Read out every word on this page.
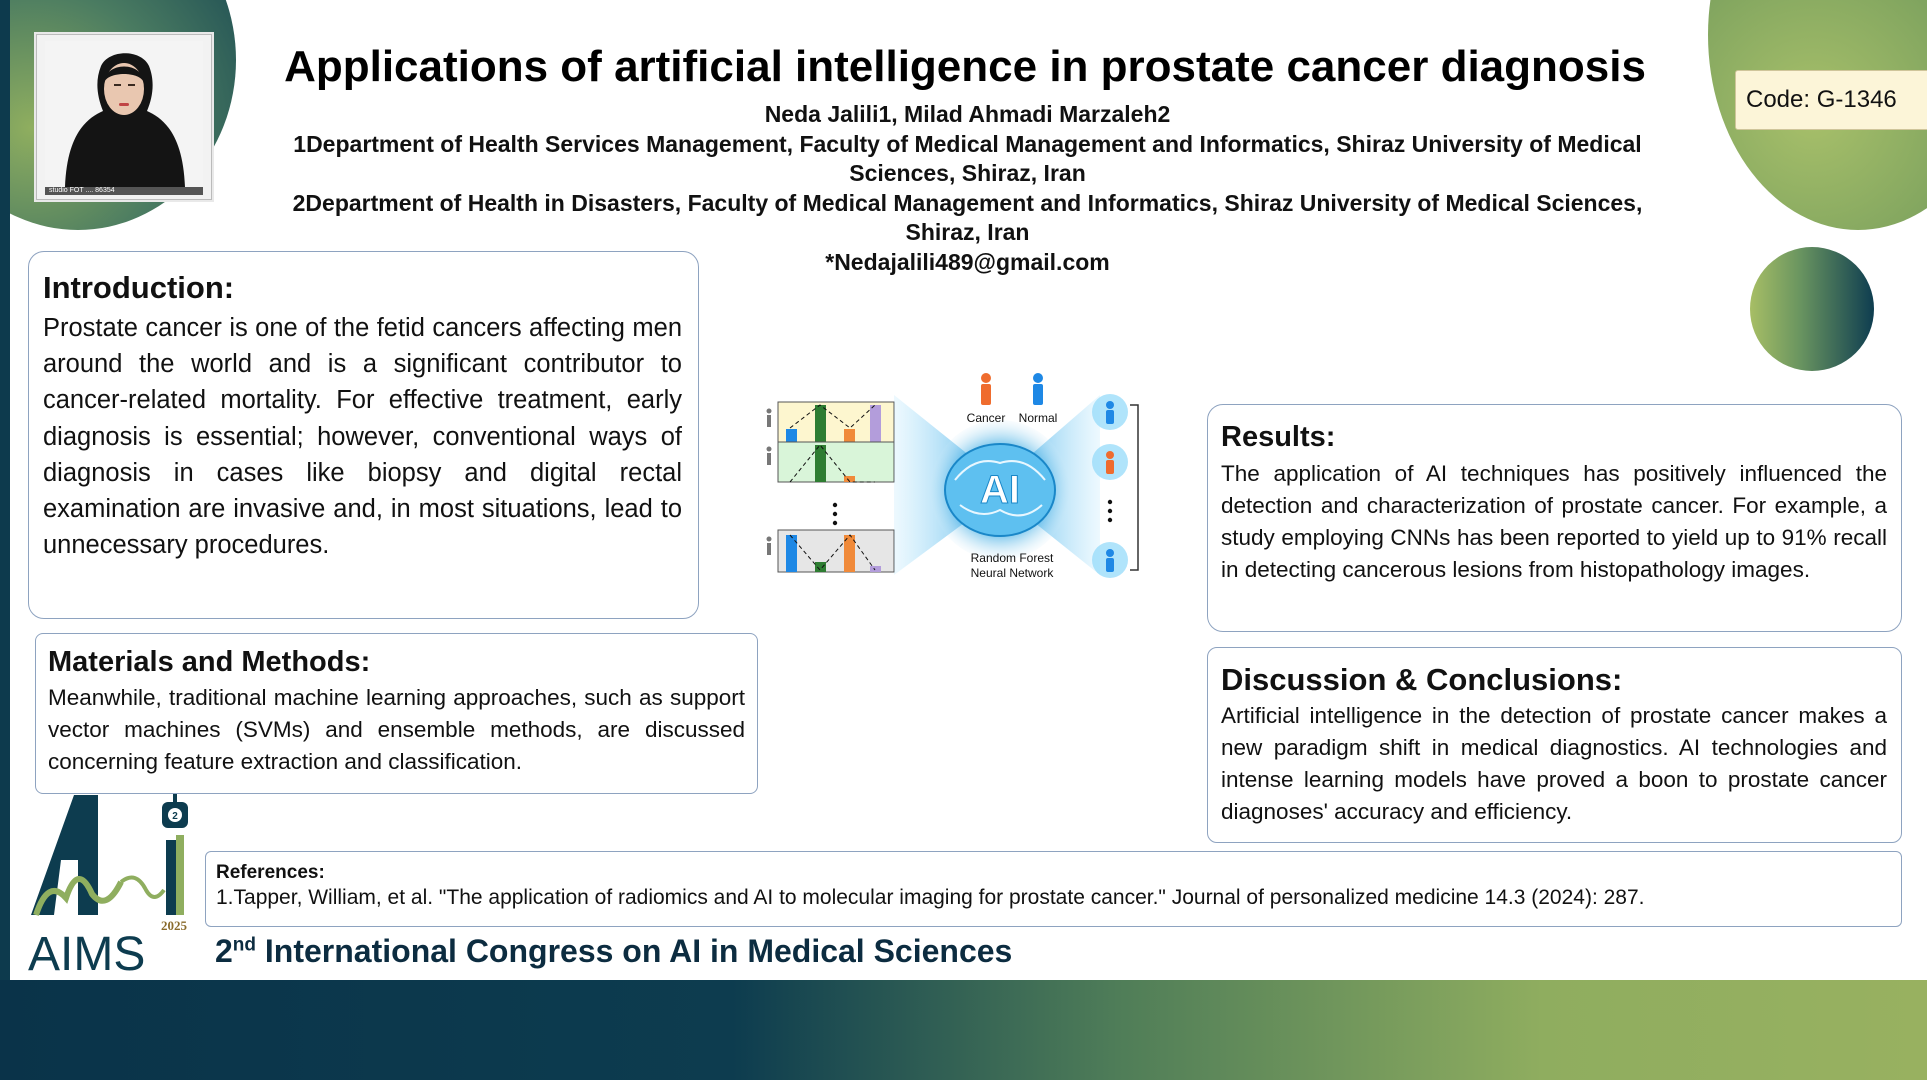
studio FOT .... 86354
Applications of artificial intelligence in prostate cancer diagnosis
Neda Jalili1, Milad Ahmadi Marzaleh2
1Department of Health Services Management, Faculty of Medical Management and Informatics, Shiraz University of Medical Sciences, Shiraz, Iran
2Department of Health in Disasters, Faculty of Medical Management and Informatics, Shiraz University of Medical Sciences, Shiraz, Iran
*Nedajalili489@gmail.com
Code: G-1346
Introduction:

Prostate cancer is one of the fetid cancers affecting men around the world and is a significant contributor to cancer-related mortality. For effective treatment, early diagnosis is essential; however, conventional ways of diagnosis in cases like biopsy and digital rectal examination are invasive and, in most situations, lead to unnecessary procedures.

Materials and Methods:

Meanwhile, traditional machine learning approaches, such as support vector machines (SVMs) and ensemble methods, are discussed concerning feature extraction and classification.

AI
Cancer Normal
Random Forest
Neural Network
Results:

The application of AI techniques has positively influenced the detection and characterization of prostate cancer. For example, a study employing CNNs has been reported to yield up to 91% recall in detecting cancerous lesions from histopathology images.

Discussion & Conclusions:

Artificial intelligence in the detection of prostate cancer makes a new paradigm shift in medical diagnostics. AI technologies and intense learning models have proved a boon to prostate cancer diagnoses' accuracy and efficiency.

References:
1.Tapper, William, et al. "The application of radiomics and AI to molecular imaging for prostate cancer." Journal of personalized medicine 14.3 (2024): 287.
2
2025
AIMS 2nd International Congress on AI in Medical Sciences
